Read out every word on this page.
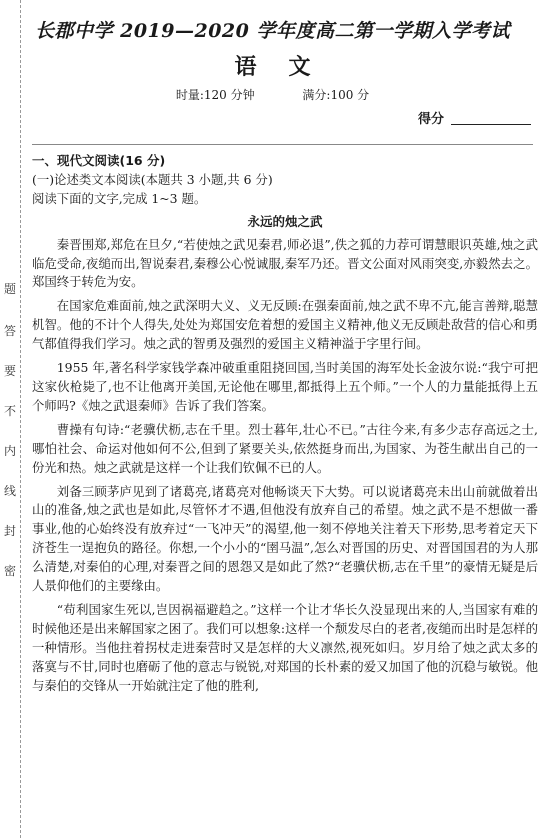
题
答
要
不
内
线
封
密
长郡中学 2019—2020 学年度高二第一学期入学考试
语文
时量:120 分钟	满分:100 分
得分
一、现代文阅读(16 分)
(一)论述类文本阅读(本题共 3 小题,共 6 分)
阅读下面的文字,完成 1~3 题。
永远的烛之武

秦晋围郑,郑危在旦夕,“若使烛之武见秦君,师必退”,佚之狐的力荐可谓慧眼识英雄,烛之武临危受命,夜缒而出,智说秦君,秦穆公心悦诚服,秦军乃还。晋文公面对风雨突变,亦毅然去之。郑国终于转危为安。

在国家危难面前,烛之武深明大义、义无反顾:在强秦面前,烛之武不卑不亢,能言善辩,聪慧机智。他的不计个人得失,处处为郑国安危着想的爱国主义精神,他义无反顾赴敌营的信心和勇气都值得我们学习。烛之武的智勇及强烈的爱国主义精神溢于字里行间。

1955 年,著名科学家钱学森冲破重重阻挠回国,当时美国的海军处长金波尔说:“我宁可把这家伙枪毙了,也不让他离开美国,无论他在哪里,都抵得上五个师。”一个人的力量能抵得上五个师吗?《烛之武退秦师》告诉了我们答案。

曹操有句诗:“老骥伏枥,志在千里。烈士暮年,壮心不已。”古往今来,有多少志存高远之士,哪怕社会、命运对他如何不公,但到了紧要关头,依然挺身而出,为国家、为苍生献出自己的一份光和热。烛之武就是这样一个让我们钦佩不已的人。

刘备三顾茅庐见到了诸葛亮,诸葛亮对他畅谈天下大势。可以说诸葛亮未出山前就做着出山的准备,烛之武也是如此,尽管怀才不遇,但他没有放弃自己的希望。烛之武不是不想做一番事业,他的心始终没有放弃过“一飞冲天”的渴望,他一刻不停地关注着天下形势,思考着定天下济苍生一逞抱负的路径。你想,一个小小的“圉马温”,怎么对晋国的历史、对晋国国君的为人那么清楚,对秦伯的心理,对秦晋之间的恩怨又是如此了然?“老骥伏枥,志在千里”的豪情无疑是后人景仰他们的主要缘由。

“苟利国家生死以,岂因祸福避趋之。”这样一个让才华长久没显现出来的人,当国家有难的时候他还是出来解国家之困了。我们可以想象:这样一个颓发尽白的老者,夜缒而出时是怎样的一种情形。当他拄着拐杖走进秦营时又是怎样的大义凛然,视死如归。岁月给了烛之武太多的落寞与不甘,同时也磨砺了他的意志与锐锐,对郑国的长朴素的爱又加国了他的沉稳与敏锐。他与秦伯的交锋从一开始就注定了他的胜利,
